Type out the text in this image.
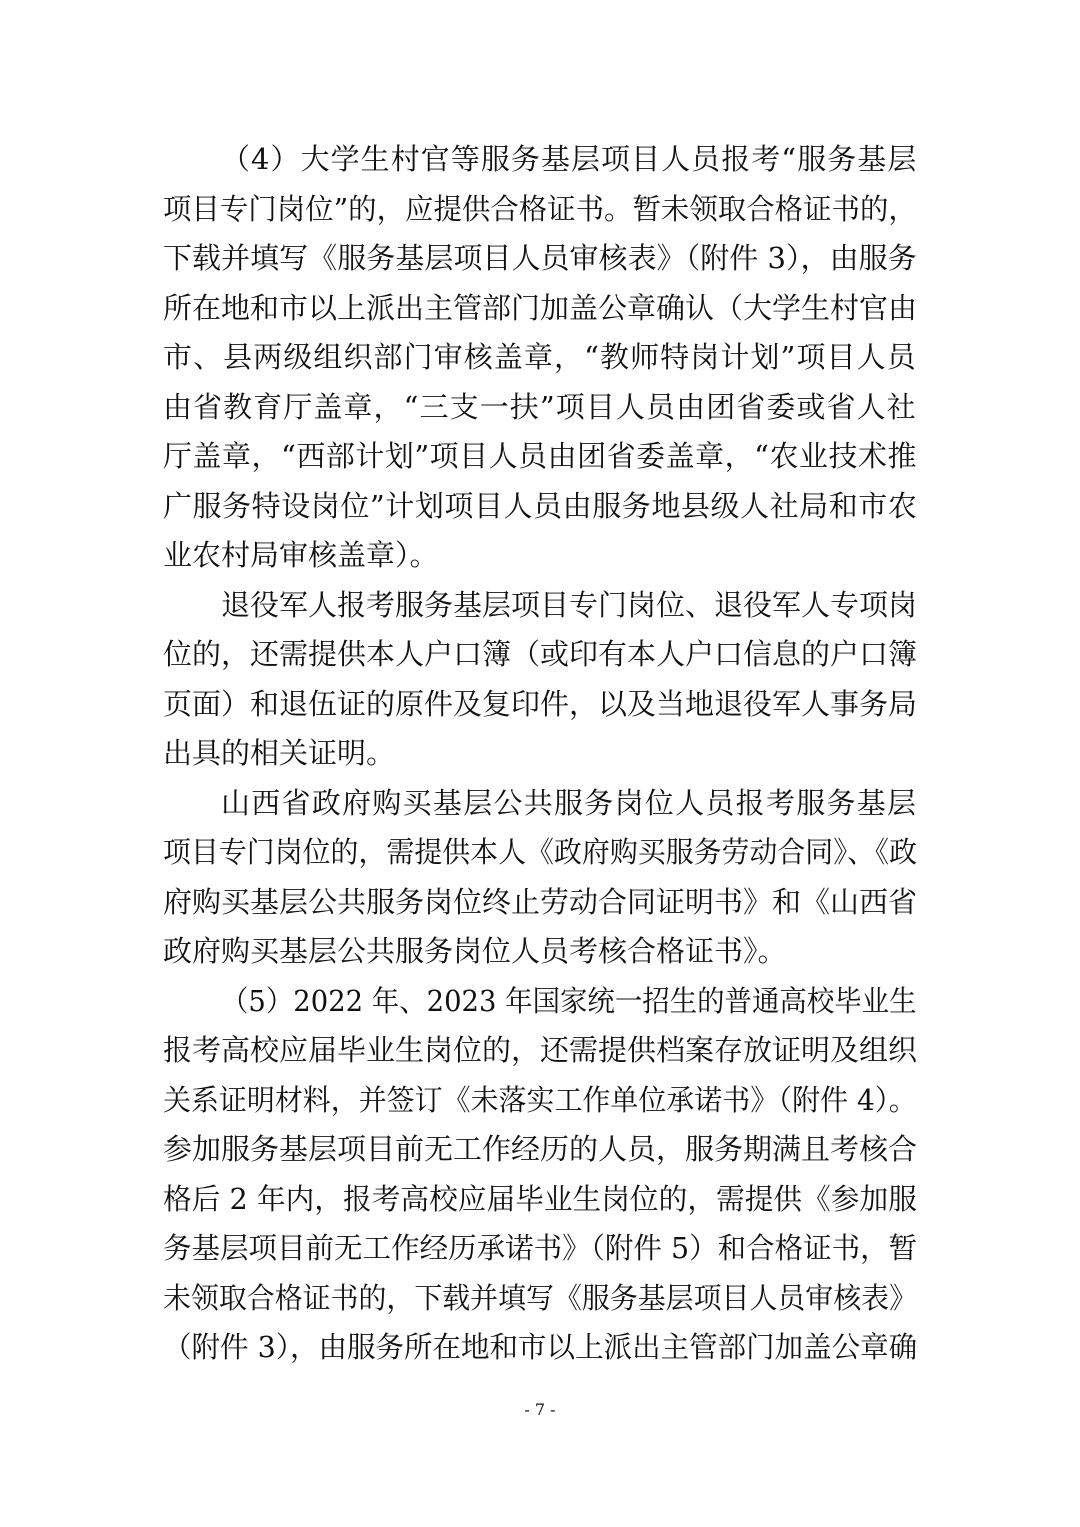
（4）大学生村官等服务基层项目人员报考“服务基层
项目专门岗位”的，应提供合格证书。暂未领取合格证书的，
下载并填写《服务基层项目人员审核表》（附件 3），由服务
所在地和市以上派出主管部门加盖公章确认（大学生村官由
市、县两级组织部门审核盖章，“教师特岗计划”项目人员
由省教育厅盖章，“三支一扶”项目人员由团省委或省人社
厅盖章，“西部计划”项目人员由团省委盖章，“农业技术推
广服务特设岗位”计划项目人员由服务地县级人社局和市农
业农村局审核盖章）。
退役军人报考服务基层项目专门岗位、退役军人专项岗
位的，还需提供本人户口簿（或印有本人户口信息的户口簿
页面）和退伍证的原件及复印件，以及当地退役军人事务局
出具的相关证明。
山西省政府购买基层公共服务岗位人员报考服务基层
项目专门岗位的，需提供本人《政府购买服务劳动合同》、《政
府购买基层公共服务岗位终止劳动合同证明书》和《山西省
政府购买基层公共服务岗位人员考核合格证书》。
（5）2022 年、2023 年国家统一招生的普通高校毕业生
报考高校应届毕业生岗位的，还需提供档案存放证明及组织
关系证明材料，并签订《未落实工作单位承诺书》（附件 4）。
参加服务基层项目前无工作经历的人员，服务期满且考核合
格后 2 年内，报考高校应届毕业生岗位的，需提供《参加服
务基层项目前无工作经历承诺书》（附件 5）和合格证书，暂
未领取合格证书的，下载并填写《服务基层项目人员审核表》
（附件 3），由服务所在地和市以上派出主管部门加盖公章确
- 7 -
